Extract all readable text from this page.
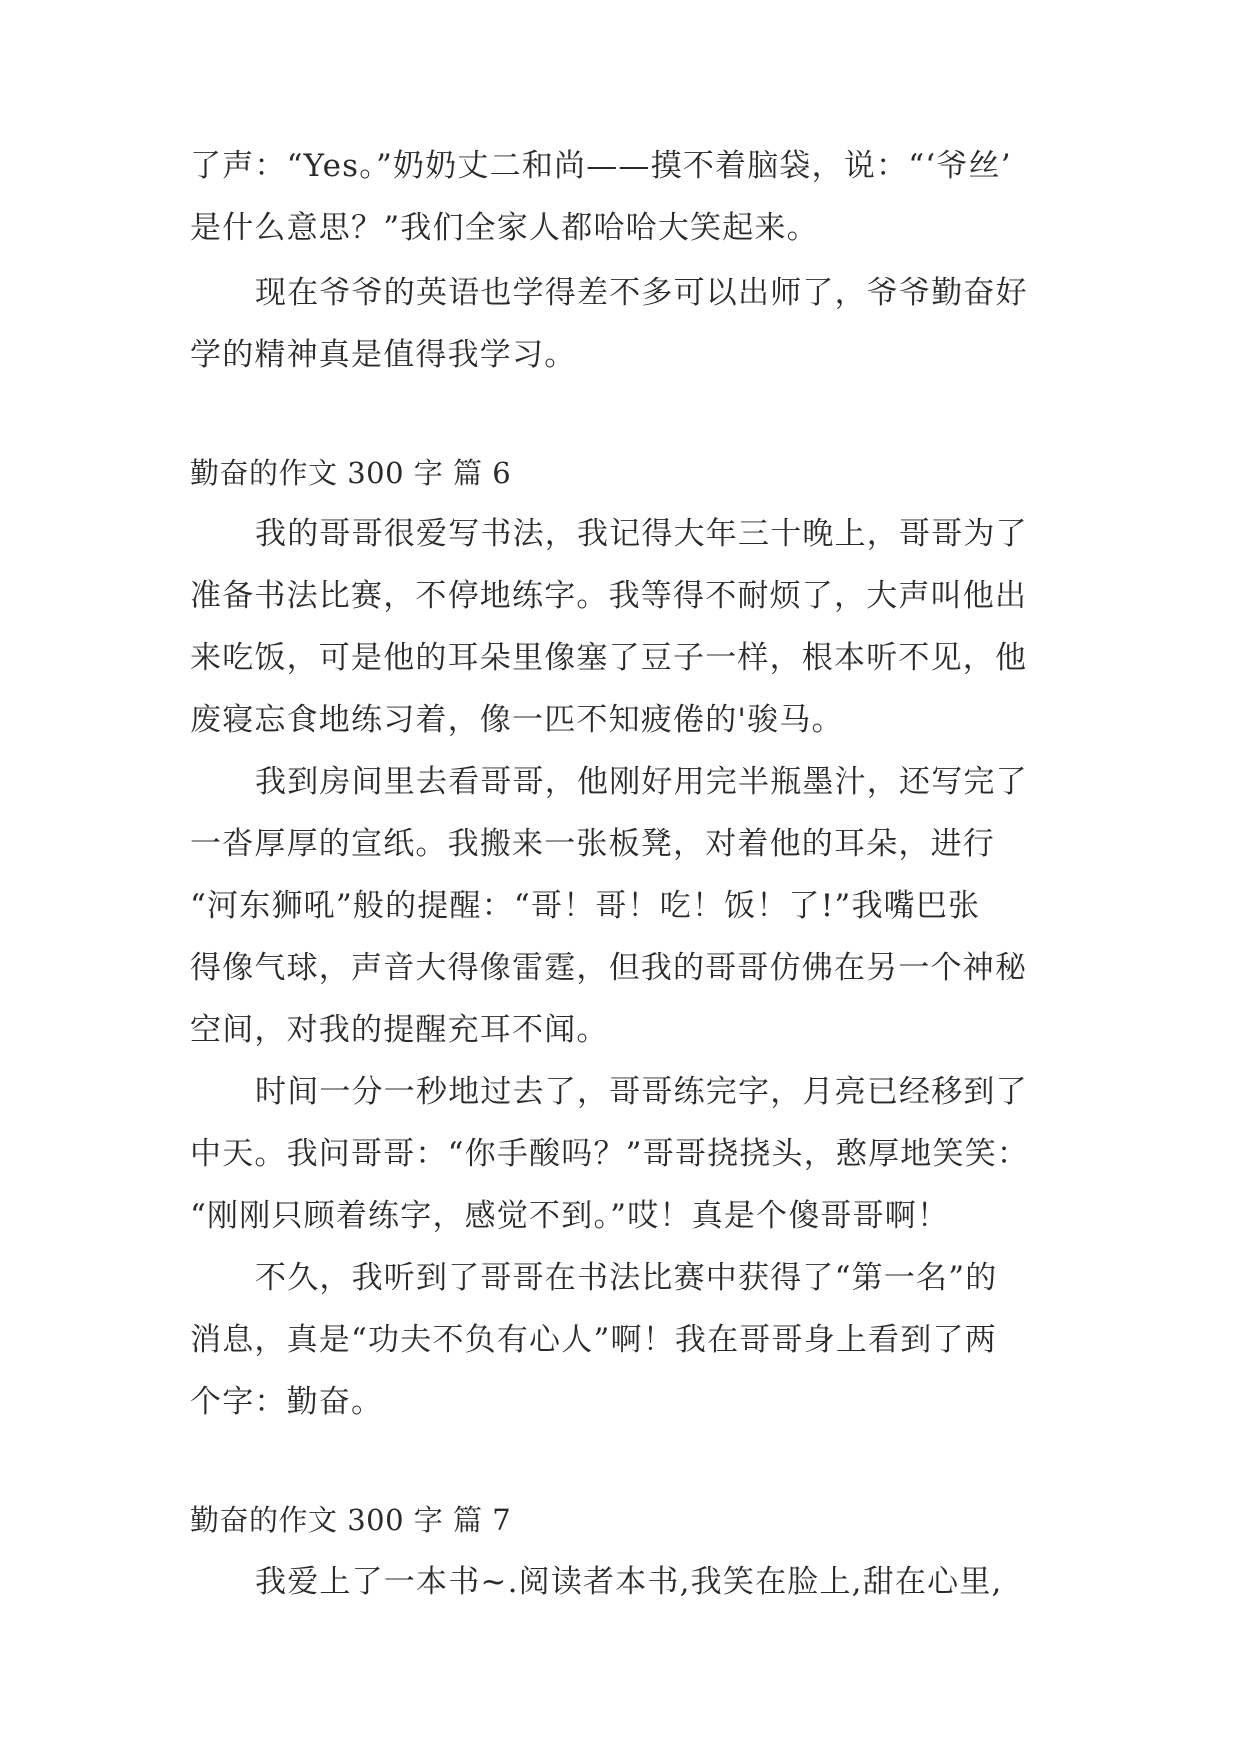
了声：“Yes。”奶奶丈二和尚——摸不着脑袋，说：“‘爷丝’
是什么意思？”我们全家人都哈哈大笑起来。
现在爷爷的英语也学得差不多可以出师了，爷爷勤奋好
学的精神真是值得我学习。
勤奋的作文 300 字 篇 6
我的哥哥很爱写书法，我记得大年三十晚上，哥哥为了
准备书法比赛，不停地练字。我等得不耐烦了，大声叫他出
来吃饭，可是他的耳朵里像塞了豆子一样，根本听不见，他
废寝忘食地练习着，像一匹不知疲倦的'骏马。
我到房间里去看哥哥，他刚好用完半瓶墨汁，还写完了
一沓厚厚的宣纸。我搬来一张板凳，对着他的耳朵，进行
“河东狮吼”般的提醒：“哥！哥！吃！饭！了!”我嘴巴张
得像气球，声音大得像雷霆，但我的哥哥仿佛在另一个神秘
空间，对我的提醒充耳不闻。
时间一分一秒地过去了，哥哥练完字，月亮已经移到了
中天。我问哥哥：“你手酸吗？”哥哥挠挠头，憨厚地笑笑：
“刚刚只顾着练字，感觉不到。”哎！真是个傻哥哥啊！
不久，我听到了哥哥在书法比赛中获得了“第一名”的
消息，真是“功夫不负有心人”啊！我在哥哥身上看到了两
个字：勤奋。
勤奋的作文 300 字 篇 7
我爱上了一本书~.阅读者本书,我笑在脸上,甜在心里,
